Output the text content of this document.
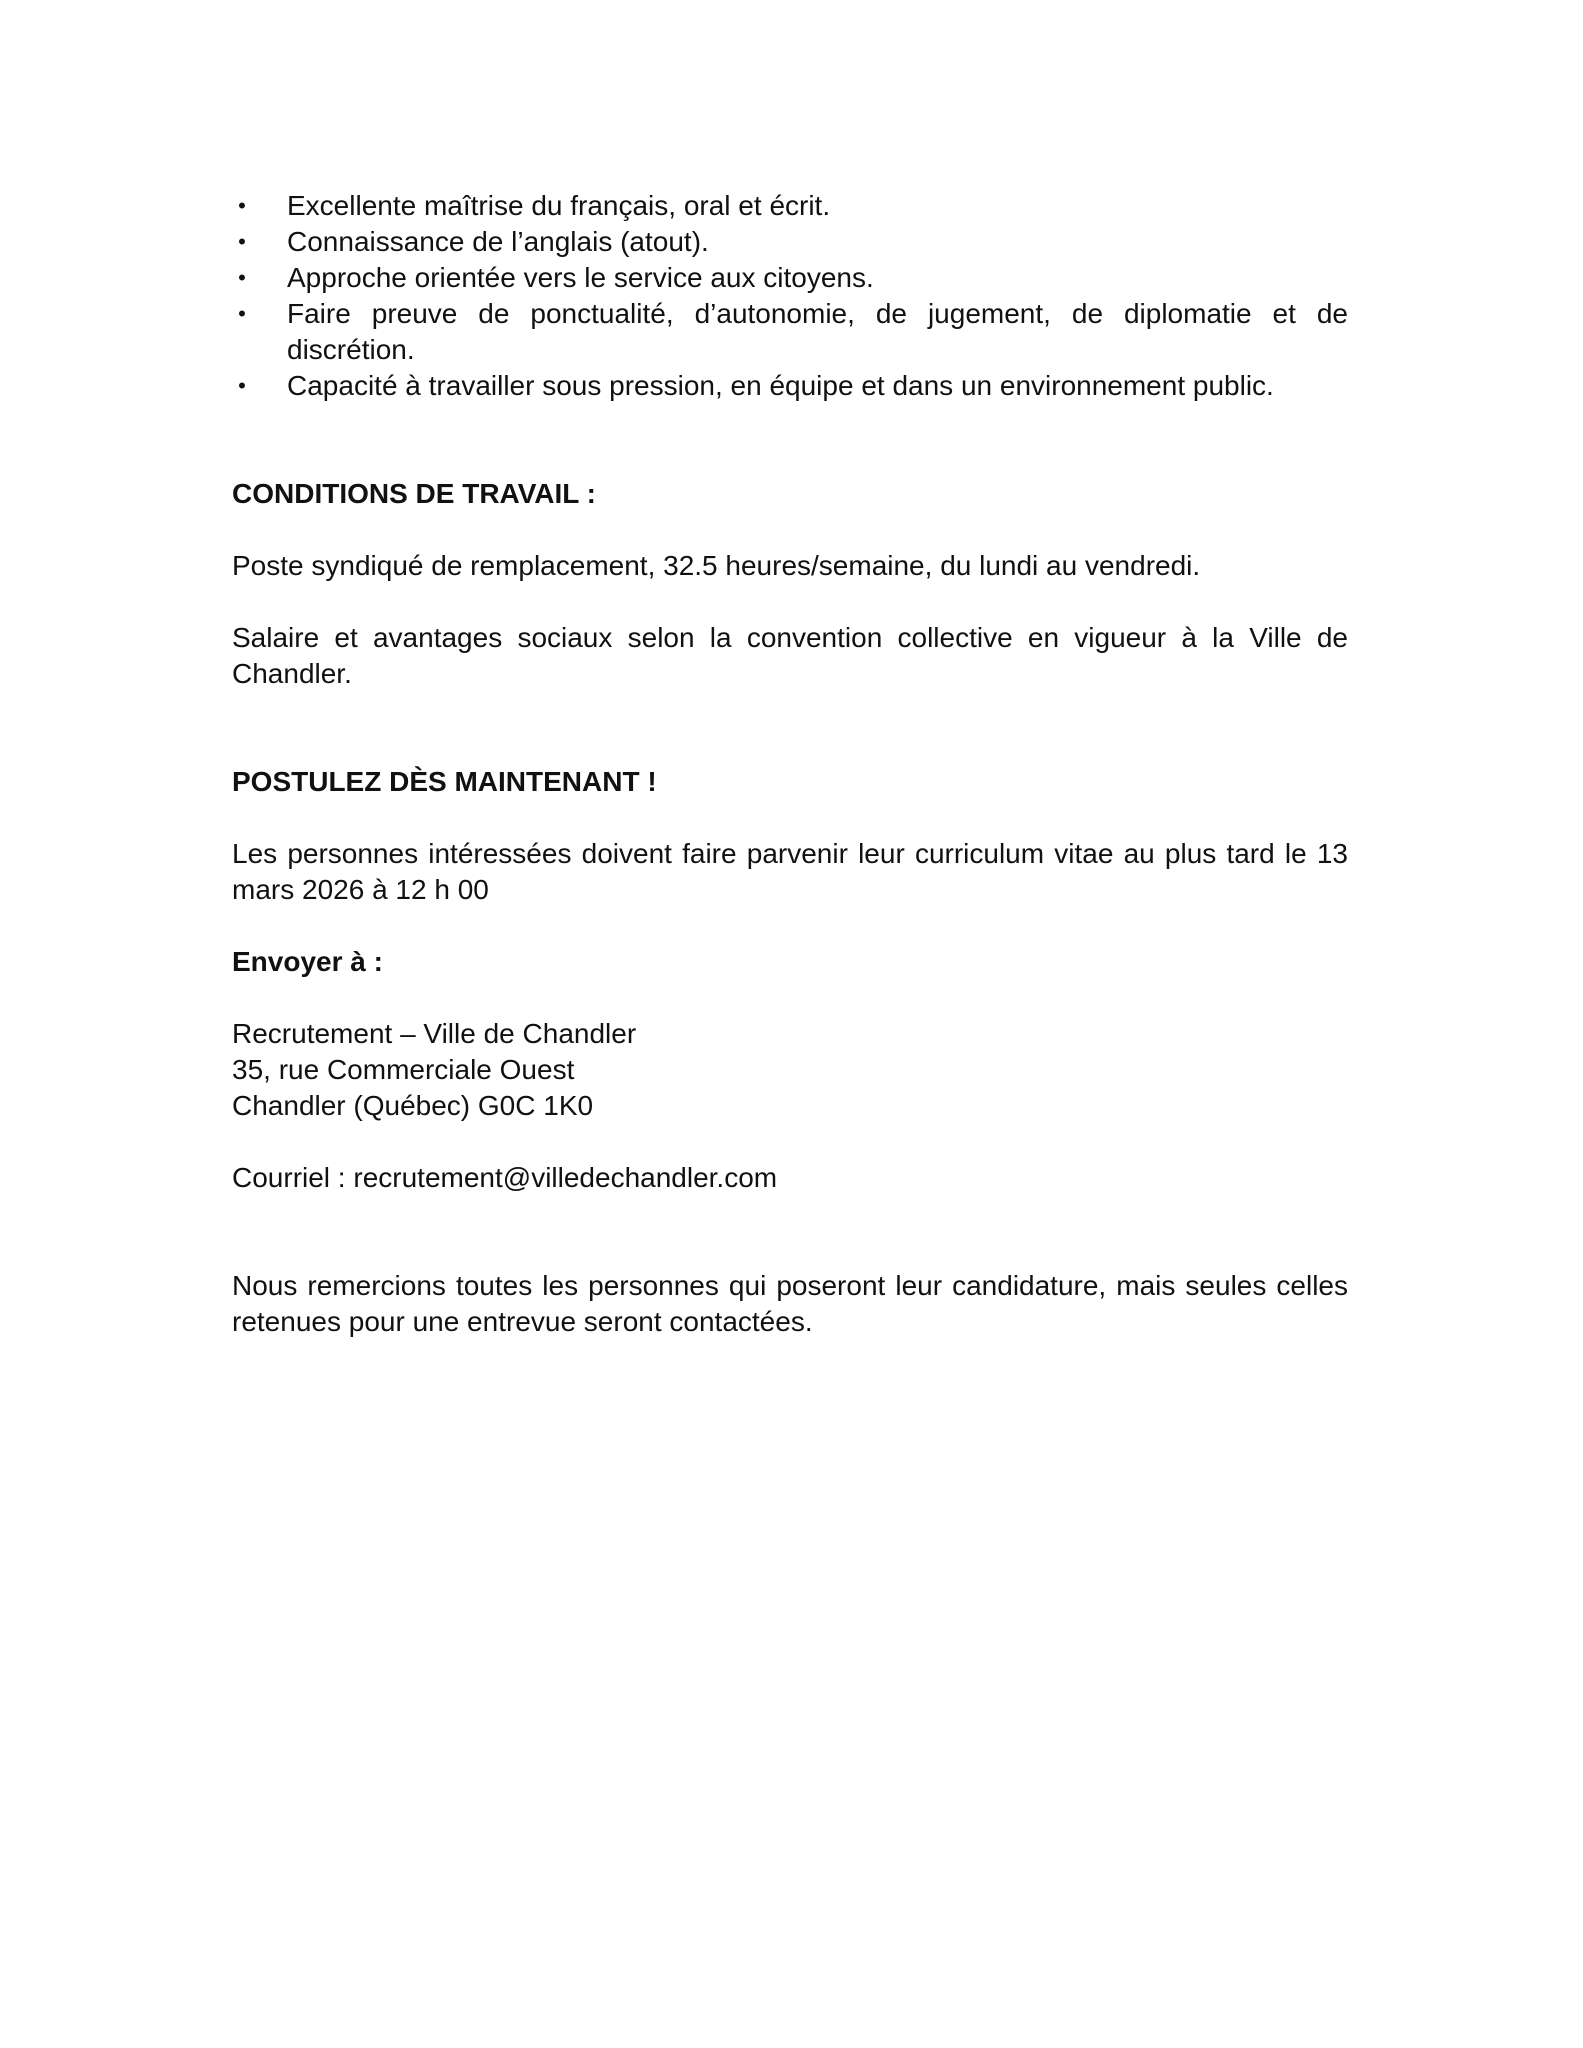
• Excellente maîtrise du français, oral et écrit.
• Connaissance de l’anglais (atout).
• Approche orientée vers le service aux citoyens.
• Faire preuve de ponctualité, d’autonomie, de jugement, de diplomatie et de discrétion.
• Capacité à travailler sous pression, en équipe et dans un environnement public.
CONDITIONS DE TRAVAIL :

Poste syndiqué de remplacement, 32.5 heures/semaine, du lundi au vendredi.

Salaire et avantages sociaux selon la convention collective en vigueur à la Ville de Chandler.

POSTULEZ DÈS MAINTENANT !

Les personnes intéressées doivent faire parvenir leur curriculum vitae au plus tard le 13 mars 2026 à 12 h 00

Envoyer à :

Recrutement – Ville de Chandler

35, rue Commerciale Ouest

Chandler (Québec) G0C 1K0

Courriel : recrutement@villedechandler.com

Nous remercions toutes les personnes qui poseront leur candidature, mais seules celles retenues pour une entrevue seront contactées.
